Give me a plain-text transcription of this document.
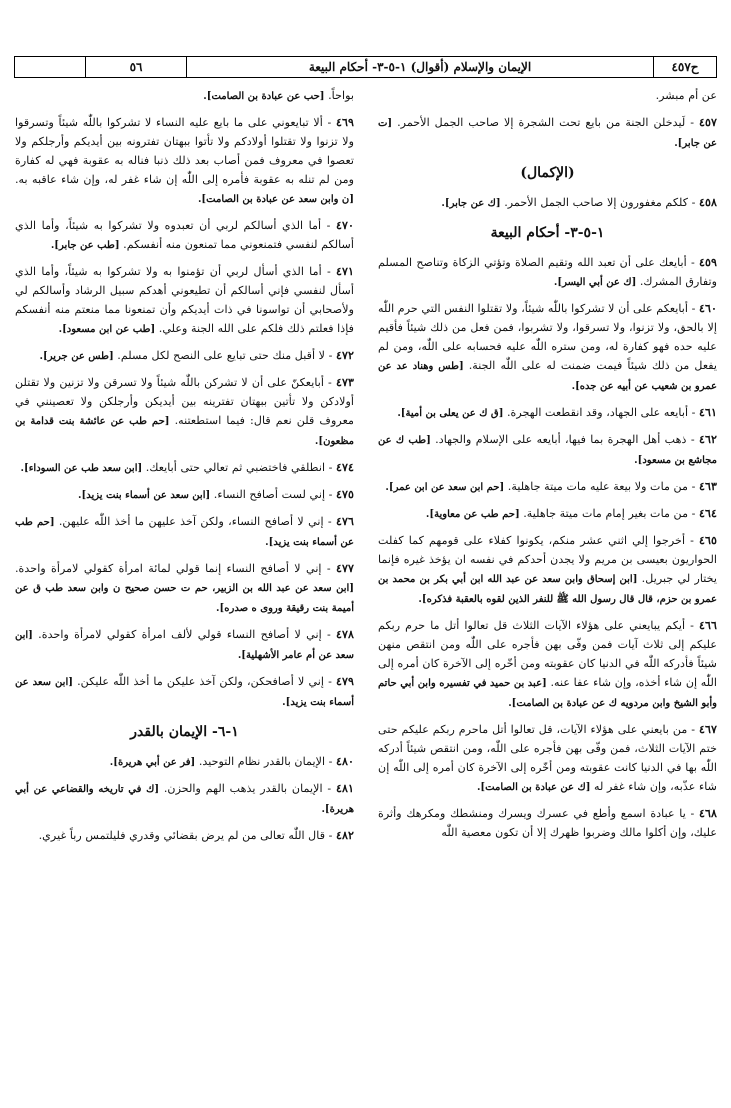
ح٤٥٧
الإيمان والإسلام (أقوال) ١-٥-٣- أحكام البيعة
٥٦

عن أم مبشر.

٤٥٧ - لَيدخلن الجنة من بايع تحت الشجرة إلا صاحب الجمل الأحمر. [ت عن جابر].

(الإكمال)

٤٥٨ - كلكم مغفورون إلا صاحب الجمل الأحمر. [ك عن جابر].

١-٥-٣- أحكام البيعة

٤٥٩ - أبايعك على أن تعبد الله وتقيم الصلاة وتؤتي الزكاة وتناصح المسلم وتفارق المشرك. [ك عن أبي اليسر].

٤٦٠ - أبايعكم على أن لا تشركوا باللّٰه شيئاً، ولا تقتلوا النفس التي حرم اللّٰه إلا بالحق، ولا تزنوا، ولا تسرقوا، ولا تشربوا، فمن فعل من ذلك شيئاً فأقيم عليه حده فهو كفارة له، ومن ستره اللّٰه عليه فحسابه على اللّٰه، ومن لم يفعل من ذلك شيئاً فيمت ضمنت له على اللّٰه الجنة. [طس وهناد عد عن عمرو بن شعيب عن أبيه عن جده].

٤٦١ - أبايعه على الجهاد، وقد انقطعت الهجرة. [ق ك عن يعلى بن أمية].

٤٦٢ - ذهب أهل الهجرة بما فيها، أبايعه على الإسلام والجهاد. [طب ك عن مجاشع بن مسعود].

٤٦٣ - من مات ولا بيعة عليه مات ميتة جاهلية. [حم ابن سعد عن ابن عمر].

٤٦٤ - من مات بغير إمام مات ميتة جاهلية. [حم طب عن معاوية].

٤٦٥ - أخرجوا إلي اثني عشر منكم، يكونوا كفلاء على قومهم كما كفلت الحواريون بعيسى بن مريم ولا يجدن أحدكم في نفسه ان يؤخذ غيره فإنما يختار لي جبريل. [ابن إسحاق وابن سعد عن عبد الله ابن أبي بكر بن محمد بن عمرو بن حزم، قال قال رسول الله ﷺ للنفر الذين لقوه بالعقبة فذكره].

٤٦٦ - أيكم يبايعني على هؤلاء الآيات الثلاث قل تعالوا أتل ما حرم ربكم عليكم إلى ثلاث آيات فمن وفّى بهن فأجره على اللّٰه ومن انتقص منهن شيئاً فأدركه اللّٰه في الدنيا كان عقوبته ومن أخّره إلى الآخرة كان أمره إلى اللّٰه إن شاء أخذه، وإن شاء عفا عنه. [عبد بن حميد في تفسيره وابن أبي حاتم وأبو الشيخ وابن مردويه ك عن عبادة بن الصامت].

٤٦٧ - من بايعني على هؤلاء الآيات، قل تعالوا أتل ماحرم ربكم عليكم حتى ختم الآيات الثلاث، فمن وفّى بهن فأجره على اللّٰه، ومن انتقص شيئاً أدركه اللّٰه بها في الدنيا كانت عقوبته ومن أخّره إلى الآخرة كان أمره إلى اللّٰه إن شاء عذّبه، وإن شاء غفر له [ك عن عبادة بن الصامت].

٤٦٨ - يا عبادة اسمع وأطع في عسرك ويسرك ومنشطك ومكرهك وأثرة عليك، وإن أكلوا مالك وضربوا ظهرك إلا أن تكون معصية اللّٰه

بواحاً. [حب عن عبادة بن الصامت].

٤٦٩ - ألا تبايعوني على ما بايع عليه النساء لا تشركوا باللّٰه شيئاً وتسرقوا ولا تزنوا ولا تقتلوا أولادكم ولا تأتوا ببهتان تفترونه بين أيديكم وأرجلكم ولا تعصوا في معروف فمن أصاب بعد ذلك ذنبا فناله به عقوبة فهي له كفارة ومن لم تنله به عقوبة فأمره إلى اللّٰه إن شاء غفر له، وإن شاء عاقبه به. [ن وابن سعد عن عبادة بن الصامت].

٤٧٠ - أما الذي أسالكم لربي أن تعبدوه ولا تشركوا به شيئاً، وأما الذي أسالكم لنفسي فتمنعوني مما تمنعون منه أنفسكم. [طب عن جابر].

٤٧١ - أما الذي أسأل لربي أن تؤمنوا به ولا تشركوا به شيئاً، وأما الذي أسأل لنفسي فإني أسالكم أن تطيعوني أهدكم سبيل الرشاد وأسالكم لي ولأصحابي أن تواسونا في ذات أيديكم وأن تمنعونا مما منعتم منه أنفسكم فإذا فعلتم ذلك فلكم على الله الجنة وعلي. [طب عن ابن مسعود].

٤٧٢ - لا أقبل منك حتى تبايع على النصح لكل مسلم. [طس عن جرير].

٤٧٣ - أبايعكنّ على أن لا تشركن باللّٰه شيئاً ولا تسرقن ولا تزنين ولا تقتلن أولادكن ولا تأتين ببهتان تفترينه بين أيديكن وأرجلكن ولا تعصينني في معروف قلن نعم قال: فيما استطعتنه. [حم طب عن عائشة بنت قدامة بن مظعون].

٤٧٤ - انطلقي فاختضبي ثم تعالي حتى أبايعك. [ابن سعد طب عن السوداء].

٤٧٥ - إني لست أصافح النساء. [ابن سعد عن أسماء بنت يزيد].

٤٧٦ - إني لا أصافح النساء، ولكن آخذ عليهن ما أخذ اللّٰه عليهن. [حم طب عن أسماء بنت يزيد].

٤٧٧ - إني لا أصافح النساء إنما قولي لمائة امرأة كقولي لامرأة واحدة. [ابن سعد عن عبد الله بن الزبير، حم ت حسن صحيح ن وابن سعد طب ق عن أميمة بنت رقيقة وروى ه صدره].

٤٧٨ - إني لا أصافح النساء قولي لألف امرأة كقولي لامرأة واحدة. [ابن سعد عن أم عامر الأشهلية].

٤٧٩ - إني لا أصافحكن، ولكن آخذ عليكن ما أخذ اللّٰه عليكن. [ابن سعد عن أسماء بنت يزيد].

١-٦- الإيمان بالقدر

٤٨٠ - الإيمان بالقدر نظام التوحيد. [فر عن أبي هريرة].

٤٨١ - الإيمان بالقدر يذهب الهم والحزن. [ك في تاريخه والقضاعي عن أبي هريرة].

٤٨٢ - قال اللّٰه تعالى من لم يرض بقضائي وقدري فليلتمس رباً غيري.
